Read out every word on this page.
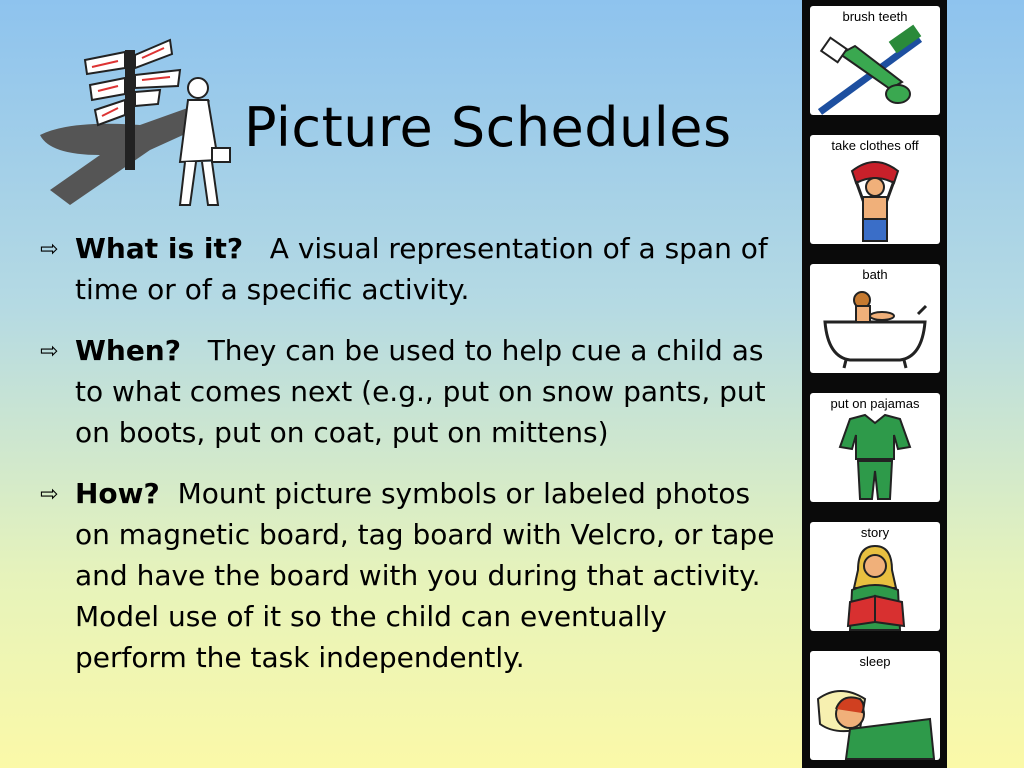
Picture Schedules
⇨ What is it? A visual representation of a span of time or of a specific activity.
⇨ When? They can be used to help cue a child as to what comes next (e.g., put on snow pants, put on boots, put on coat, put on mittens)
⇨ How? Mount picture symbols or labeled photos on magnetic board, tag board with Velcro, or tape and have the board with you during that activity. Model use of it so the child can eventually perform the task independently.
brush teeth
take clothes off
bath
put on pajamas
story
sleep
